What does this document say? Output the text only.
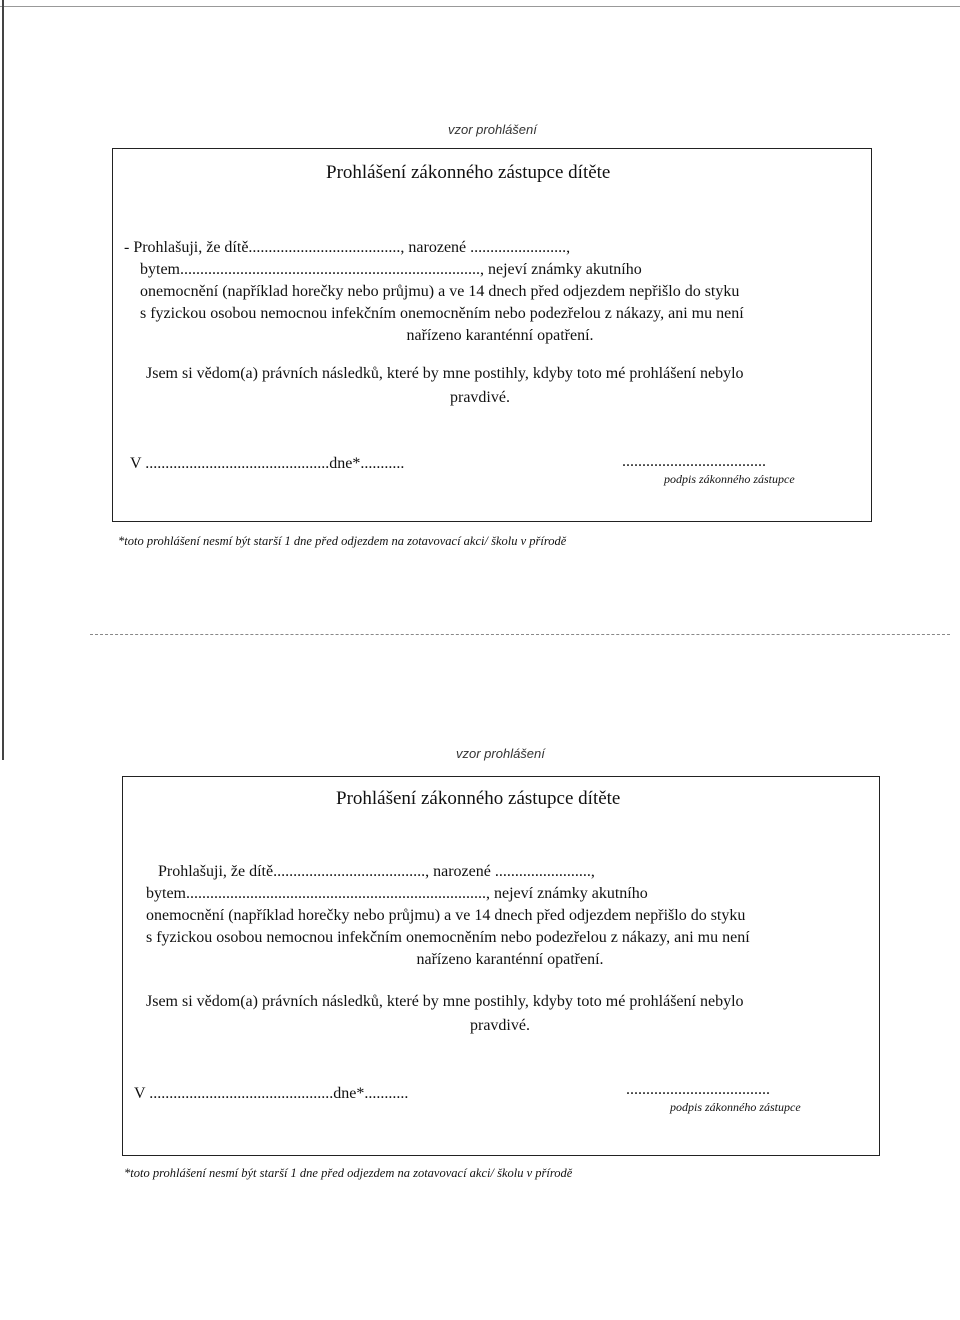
vzor prohlášení
Prohlášení zákonného zástupce dítěte
- Prohlašuji, že dítě......................................, narozené ........................,
bytem..........................................................................., nejeví známky akutního
onemocnění (například horečky nebo průjmu) a ve 14 dnech před odjezdem nepřišlo do styku
s fyzickou osobou nemocnou infekčním onemocněním nebo podezřelou z nákazy, ani mu není
nařízeno karanténní opatření.
Jsem si vědom(a) právních následků, které by mne postihly, kdyby toto mé prohlášení nebylo
pravdivé.
V ..............................................dne*...........	....................................
podpis zákonného zástupce
*toto prohlášení nesmí být starší 1 dne před odjezdem na zotavovací akci/ školu v přírodě
vzor prohlášení
Prohlášení zákonného zástupce dítěte
Prohlašuji, že dítě......................................, narozené ........................,
bytem..........................................................................., nejeví známky akutního
onemocnění (například horečky nebo průjmu) a ve 14 dnech před odjezdem nepřišlo do styku
s fyzickou osobou nemocnou infekčním onemocněním nebo podezřelou z nákazy, ani mu není
nařízeno karanténní opatření.
Jsem si vědom(a) právních následků, které by mne postihly, kdyby toto mé prohlášení nebylo
pravdivé.
V ..............................................dne*...........	....................................
podpis zákonného zástupce
*toto prohlášení nesmí být starší 1 dne před odjezdem na zotavovací akci/ školu v přírodě
